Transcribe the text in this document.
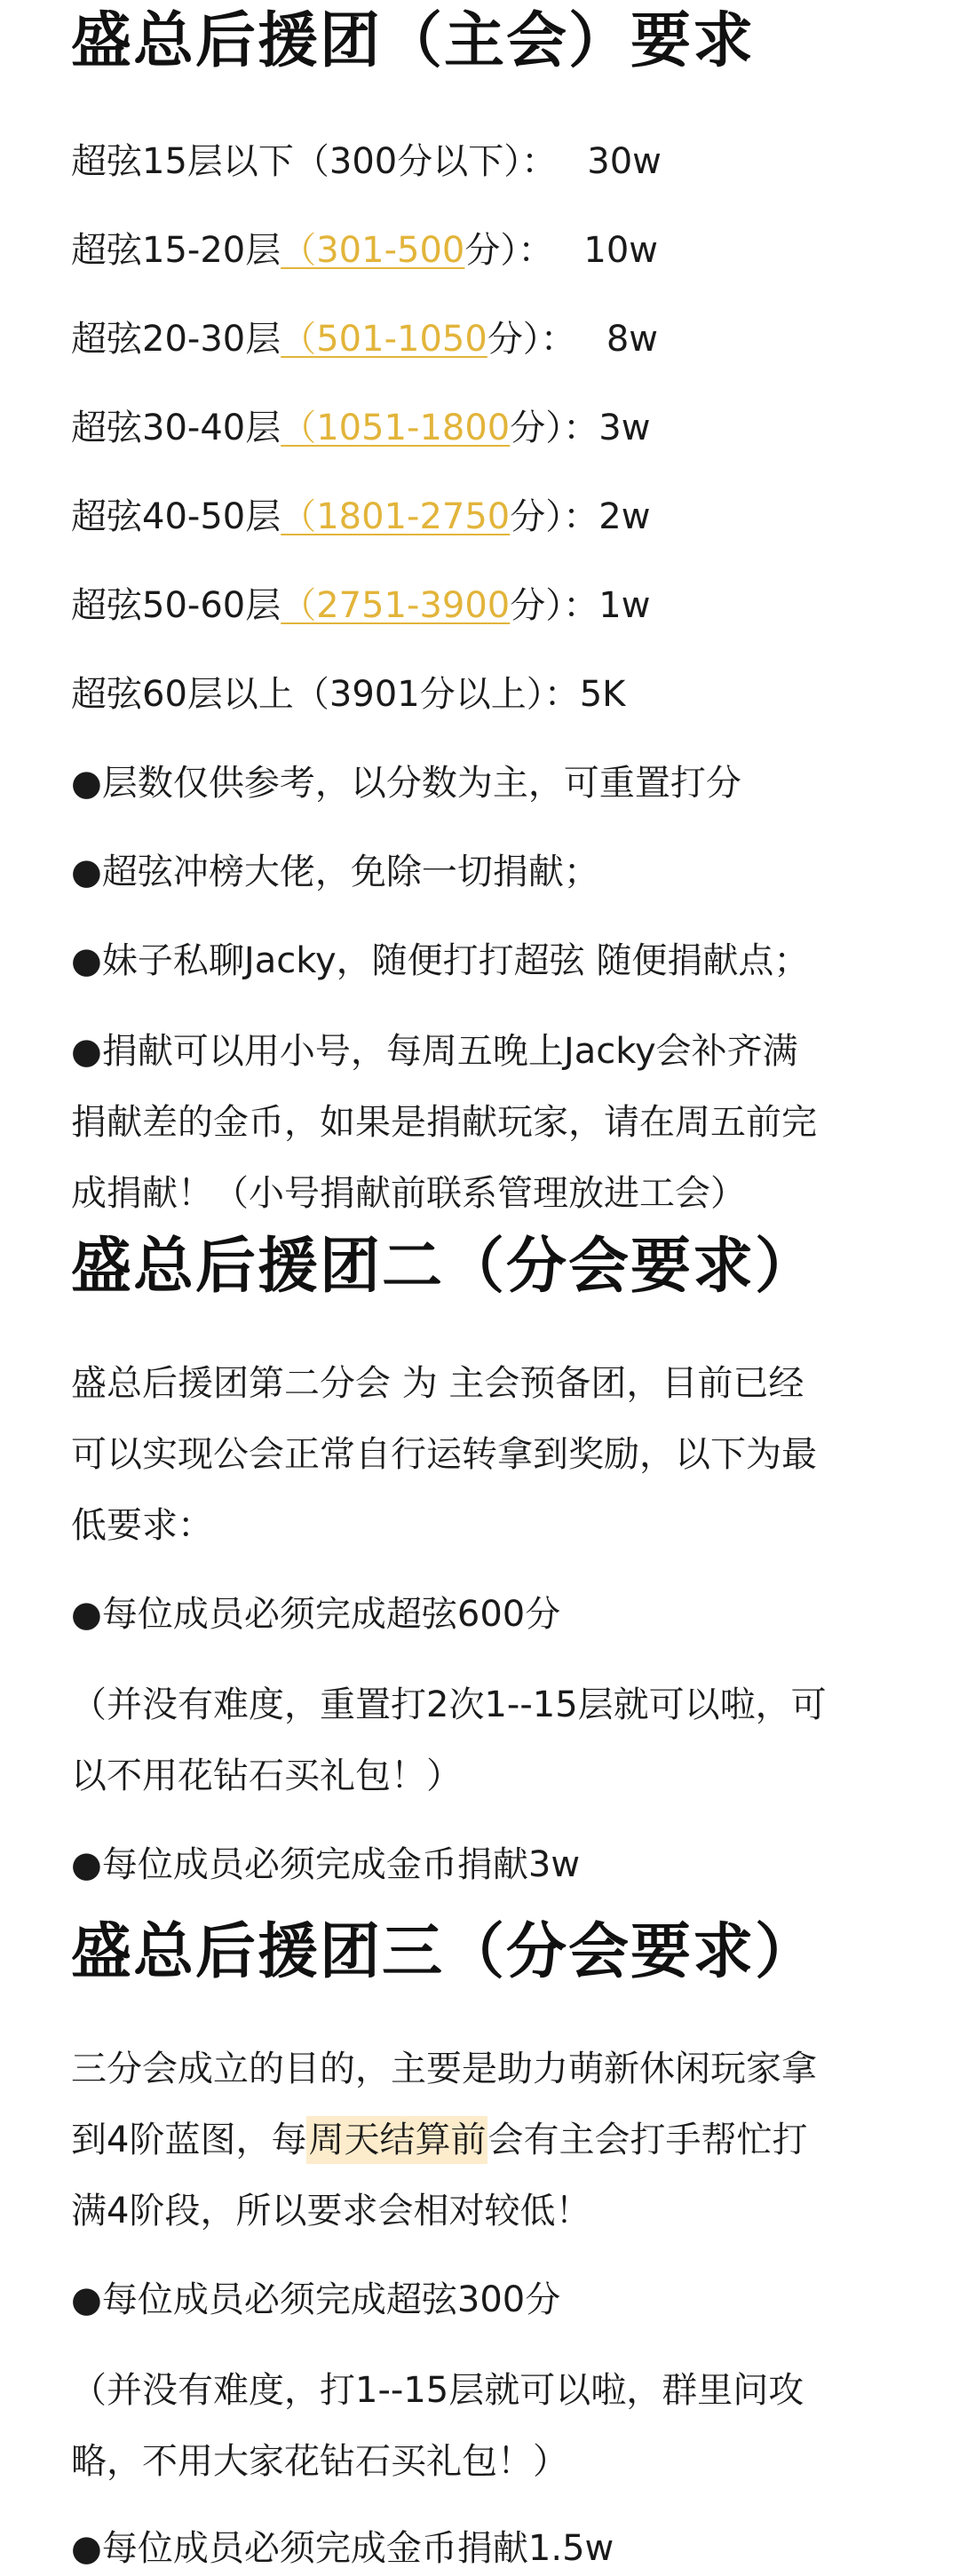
盛总后援团（主会）要求
超弦15层以下（300分以下）： 30w
超弦15-20层（301-500分）： 10w
超弦20-30层（501-1050分）： 8w
超弦30-40层（1051-1800分）：3w
超弦40-50层（1801-2750分）：2w
超弦50-60层（2751-3900分）：1w
超弦60层以上（3901分以上）：5K
●层数仅供参考，以分数为主，可重置打分
●超弦冲榜大佬，免除一切捐献；
●妹子私聊Jacky，随便打打超弦 随便捐献点；
●捐献可以用小号，每周五晚上Jacky会补齐满
捐献差的金币，如果是捐献玩家，请在周五前完
成捐献！（小号捐献前联系管理放进工会）
盛总后援团二（分会要求）
盛总后援团第二分会 为 主会预备团，目前已经
可以实现公会正常自行运转拿到奖励，以下为最
低要求：
●每位成员必须完成超弦600分
（并没有难度，重置打2次1--15层就可以啦，可
以不用花钻石买礼包！）
●每位成员必须完成金币捐献3w
盛总后援团三（分会要求）
三分会成立的目的，主要是助力萌新休闲玩家拿
到4阶蓝图，每周天结算前会有主会打手帮忙打
满4阶段，所以要求会相对较低！
●每位成员必须完成超弦300分
（并没有难度，打1--15层就可以啦，群里问攻
略，不用大家花钻石买礼包！）
●每位成员必须完成金币捐献1.5w
